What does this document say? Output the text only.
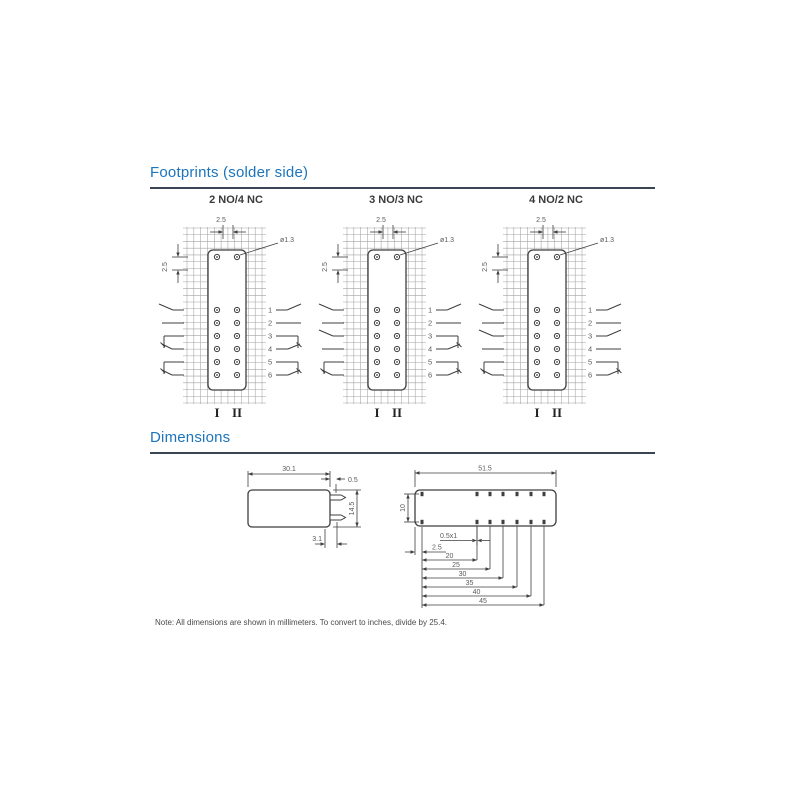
Footprints (solder side)
2 NO/4 NC	3 NO/3 NC	4 NO/2 NC
1
2
3
4
5
6
I II
2.5
2.5
ø1.3
1
2
3
4
5
6
I II
2.5
2.5
ø1.3
1
2
3
4
5
6
I II
2.5
2.5
ø1.3
Dimensions
30.1
0.5
14.5
3.1
51.5
10
0.5x1
2.5
20
25
30
35
40
45
Note: All dimensions are shown in millimeters. To convert to inches, divide by 25.4.
